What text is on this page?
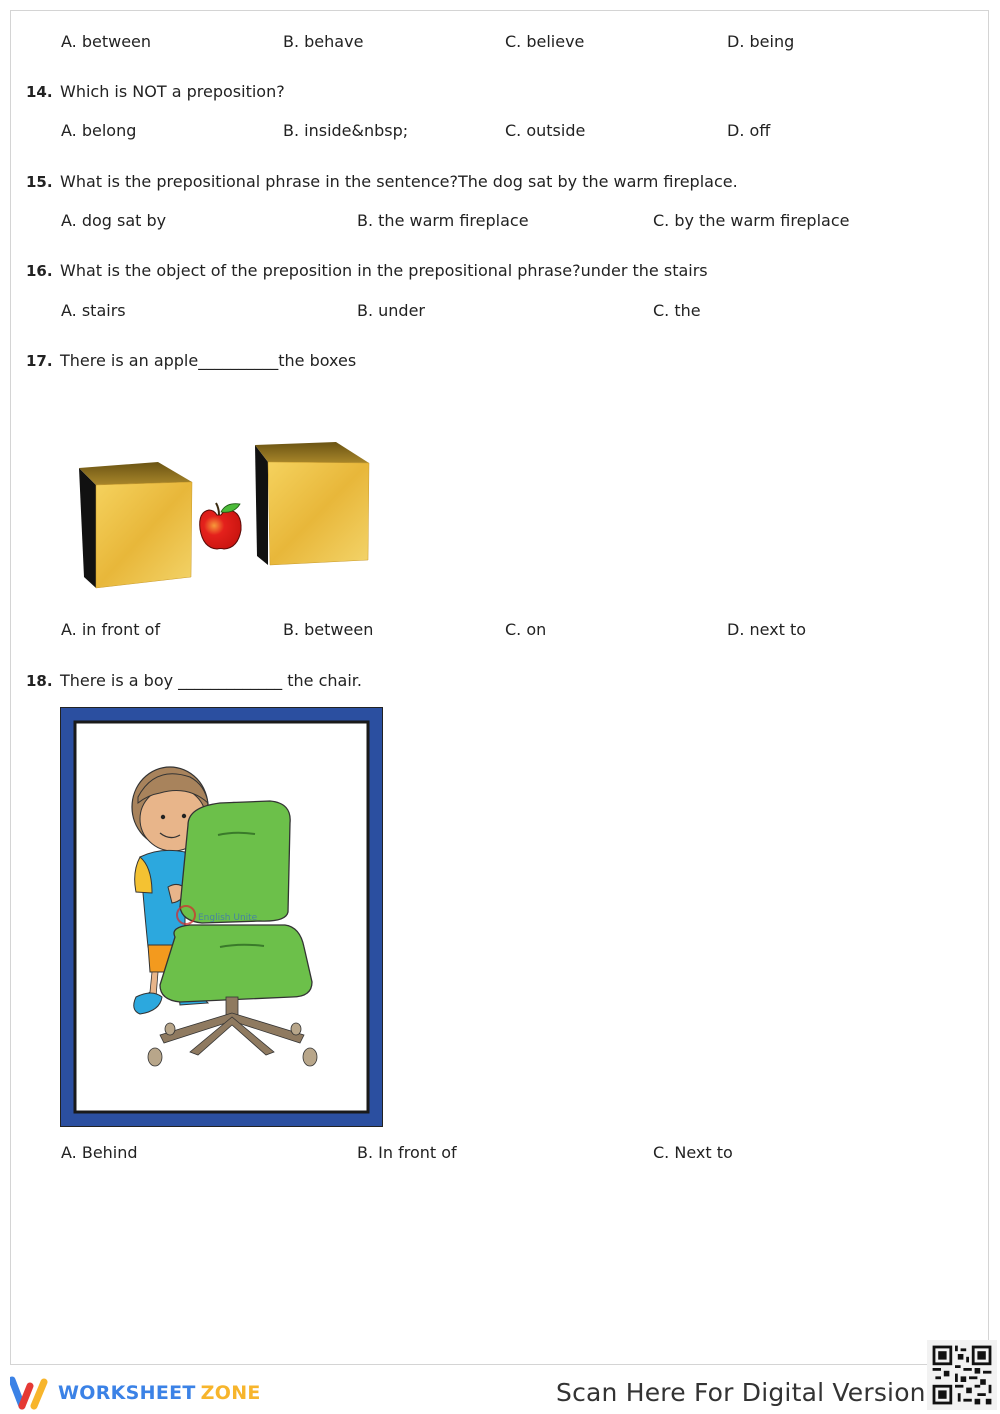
A. between	B. behave	C. believe	D. being
14. Which is NOT a preposition?
A. belong	B. inside&nbsp;	C. outside	D. off
15. What is the prepositional phrase in the sentence?The dog sat by the warm fireplace.
A. dog sat by	B. the warm fireplace	C. by the warm fireplace
16. What is the object of the preposition in the prepositional phrase?under the stairs
A. stairs	B. under	C. the
17. There is an apple__________the boxes
A. in front of	B. between	C. on	D. next to
18. There is a boy _____________ the chair.
English Unite
A. Behind	B. In front of	C. Next to
WORKSHEET ZONE	Scan Here For Digital Version
